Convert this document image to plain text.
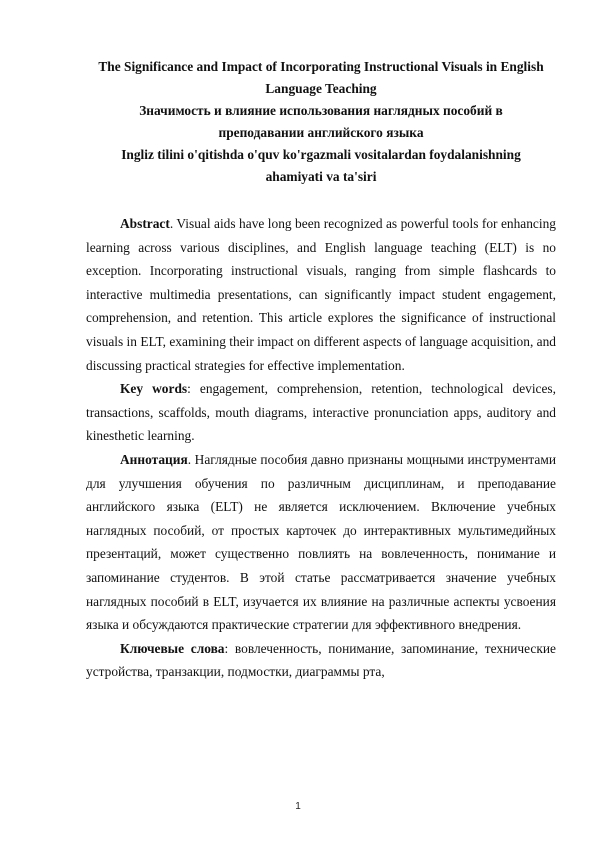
The Significance and Impact of Incorporating Instructional Visuals in English Language Teaching
Значимость и влияние использования наглядных пособий в преподавании английского языка
Ingliz tilini o'qitishda o'quv ko'rgazmali vositalardan foydalanishning ahamiyati va ta'siri

Abstract. Visual aids have long been recognized as powerful tools for enhancing learning across various disciplines, and English language teaching (ELT) is no exception. Incorporating instructional visuals, ranging from simple flashcards to interactive multimedia presentations, can significantly impact student engagement, comprehension, and retention. This article explores the significance of instructional visuals in ELT, examining their impact on different aspects of language acquisition, and discussing practical strategies for effective implementation.

Key words: engagement, comprehension, retention, technological devices, transactions, scaffolds, mouth diagrams, interactive pronunciation apps, auditory and kinesthetic learning.

Аннотация. Наглядные пособия давно признаны мощными инструментами для улучшения обучения по различным дисциплинам, и преподавание английского языка (ELT) не является исключением. Включение учебных наглядных пособий, от простых карточек до интерактивных мультимедийных презентаций, может существенно повлиять на вовлеченность, понимание и запоминание студентов. В этой статье рассматривается значение учебных наглядных пособий в ELT, изучается их влияние на различные аспекты усвоения языка и обсуждаются практические стратегии для эффективного внедрения.

Ключевые слова: вовлеченность, понимание, запоминание, технические устройства, транзакции, подмостки, диаграммы рта,

1
